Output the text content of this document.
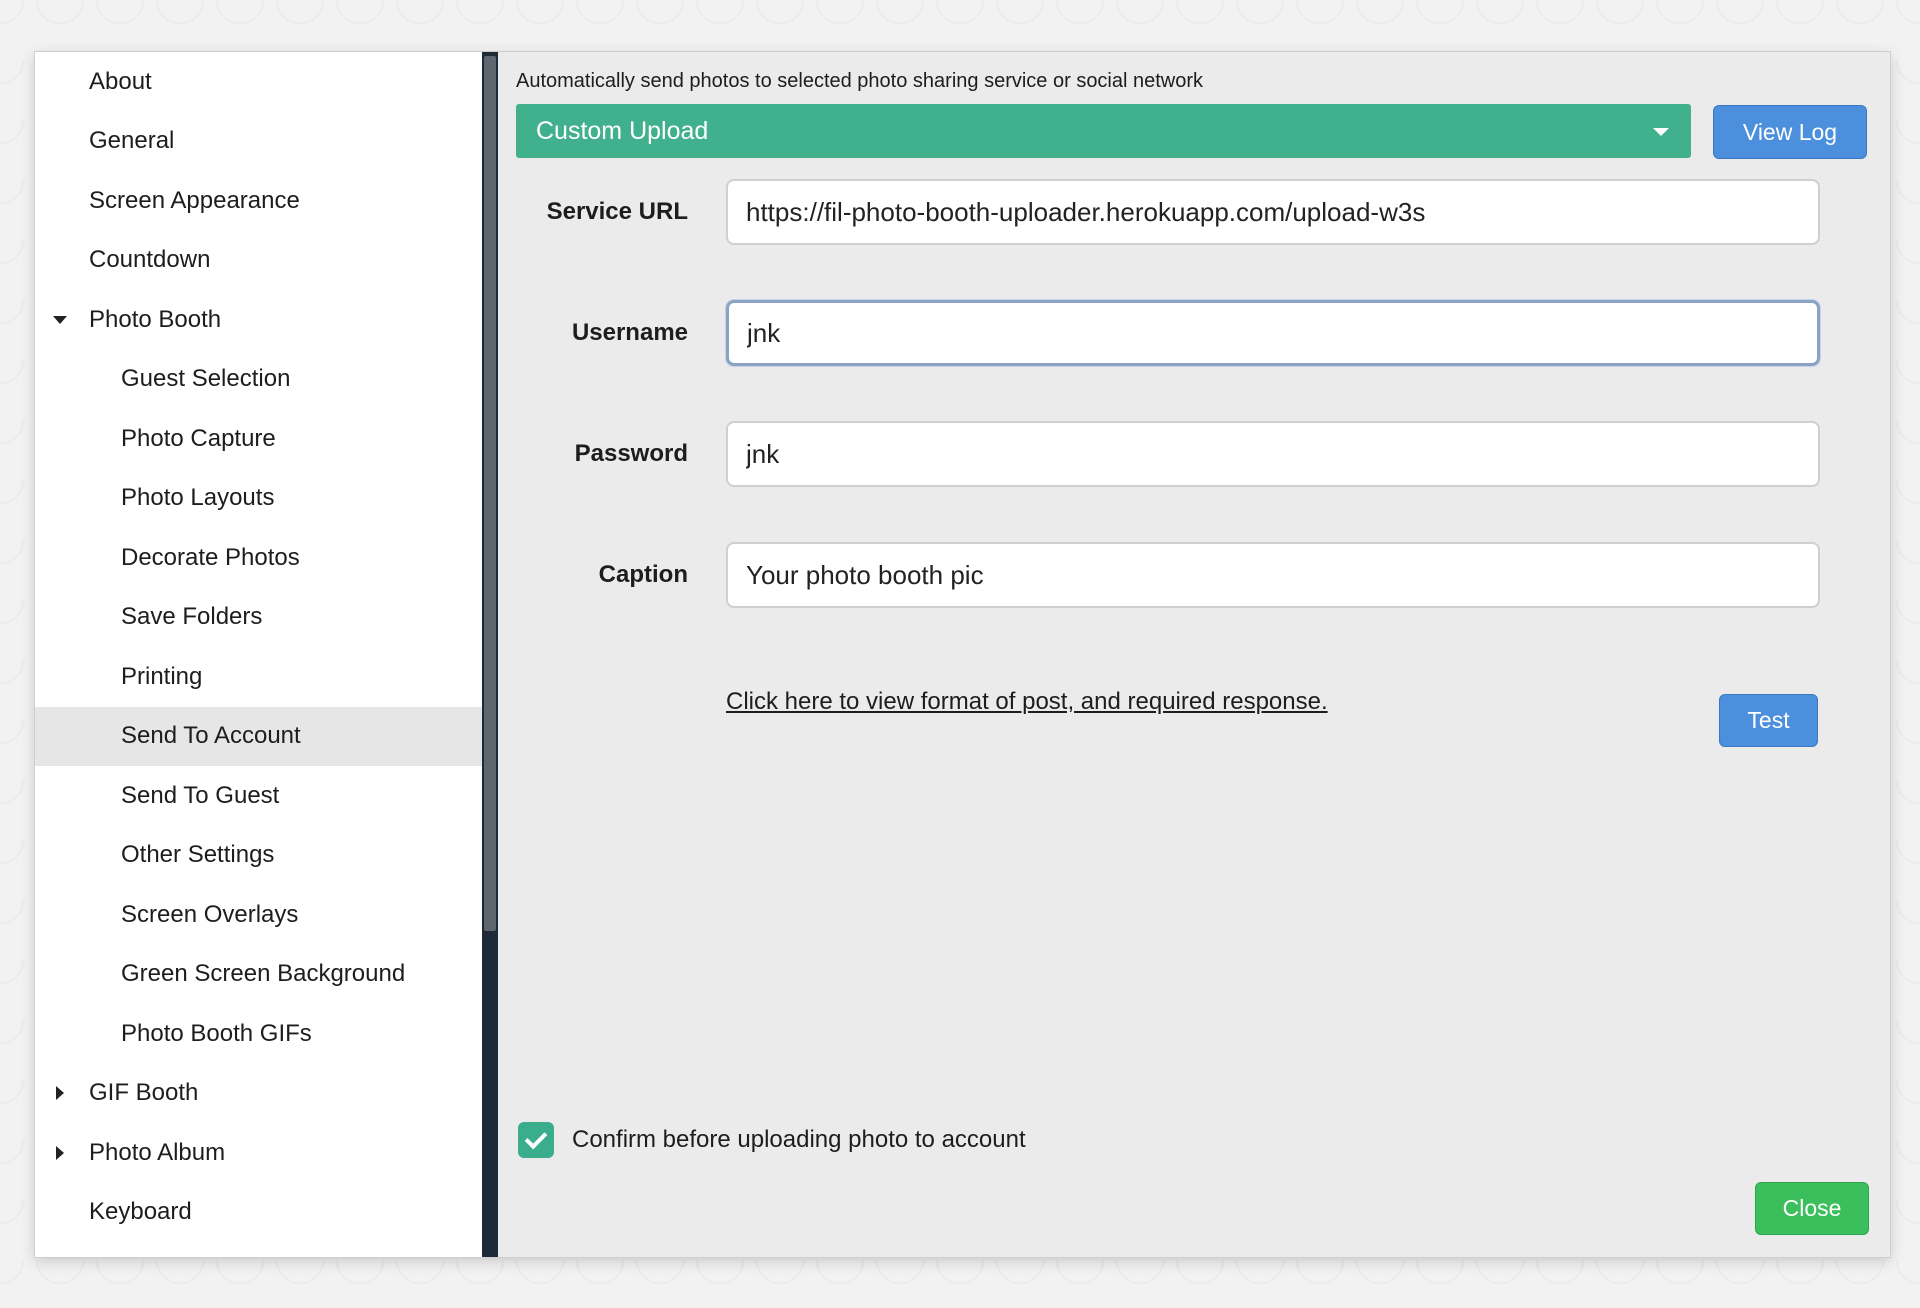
About
General
Screen Appearance
Countdown
Photo Booth
Guest Selection
Photo Capture
Photo Layouts
Decorate Photos
Save Folders
Printing
Send To Account
Send To Guest
Other Settings
Screen Overlays
Green Screen Background
Photo Booth GIFs
GIF Booth
Photo Album
Keyboard
Automatically send photos to selected photo sharing service or social network
Custom Upload	View Log
Service URL
https://fil-photo-booth-uploader.herokuapp.com/upload-w3s
Username
jnk
Password
jnk
Caption
Your photo booth pic
Click here to view format of post, and required response.
Test
Confirm before uploading photo to account
Close
